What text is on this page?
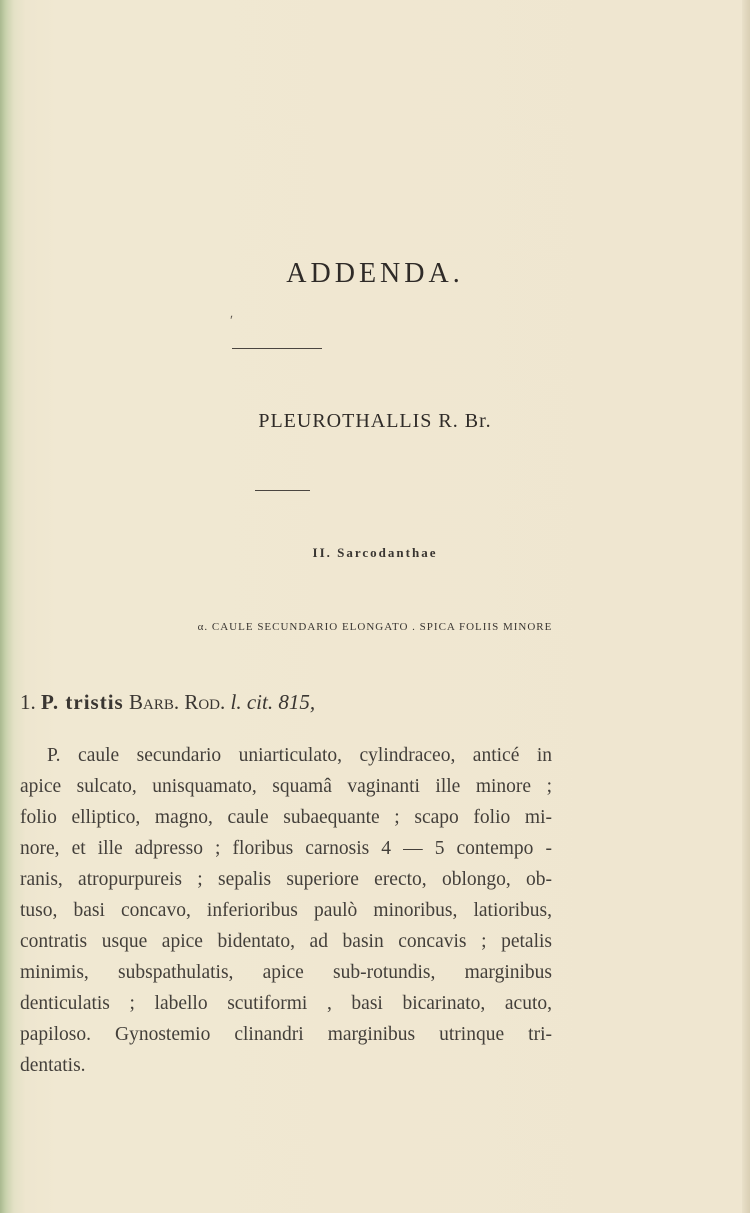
ADDENDA.
ʹ
PLEUROTHALLIS R. Br.
II. Sarcodanthae
α. CAULE SECUNDARIO ELONGATO . SPICA FOLIIS MINORE
1. P. tristis Barb. Rod. l. cit. 815,
P. caule secundario uniarticulato, cylindraceo, anticé in
apice sulcato, unisquamato, squamâ vaginanti ille minore ;
folio elliptico, magno, caule subaequante ; scapo folio mi-
nore, et ille adpresso ; floribus carnosis 4 — 5 contempo -
ranis, atropurpureis ; sepalis superiore erecto, oblongo, ob-
tuso, basi concavo, inferioribus paulò minoribus, latioribus,
contratis usque apice bidentato, ad basin concavis ; petalis
minimis, subspathulatis, apice sub-rotundis, marginibus
denticulatis ; labello scutiformi , basi bicarinato, acuto,
papiloso. Gynostemio clinandri marginibus utrinque tri-
dentatis.
